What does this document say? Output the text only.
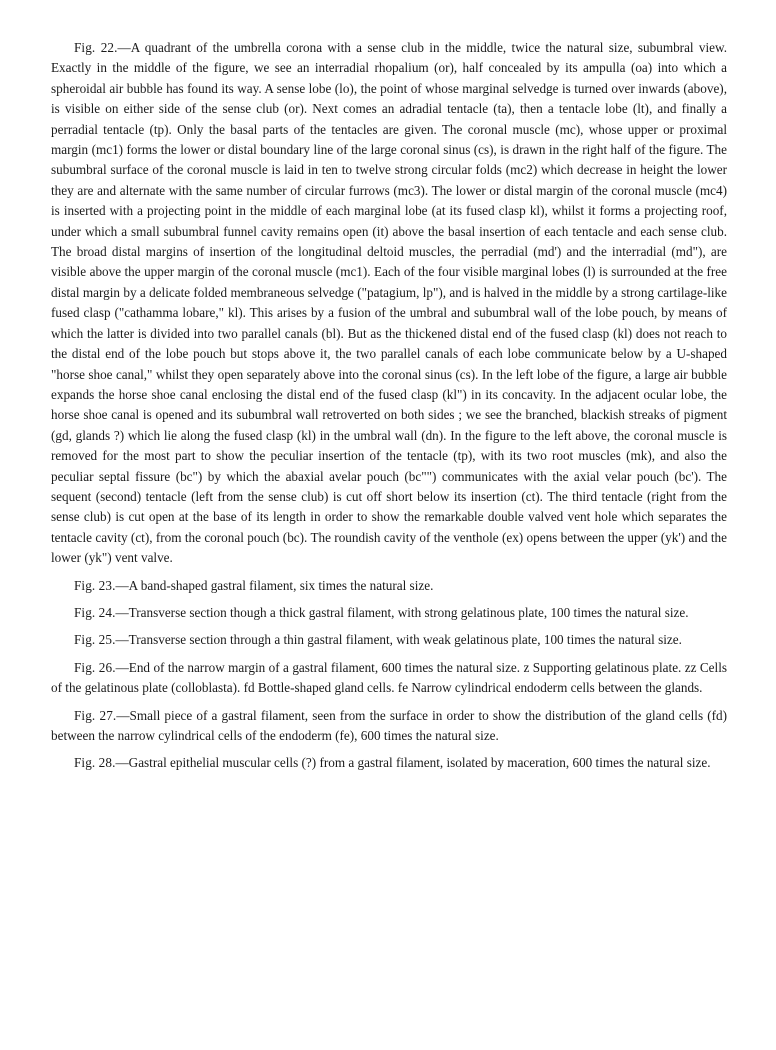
Fig. 22.—A quadrant of the umbrella corona with a sense club in the middle, twice the natural size, subumbral view. Exactly in the middle of the figure, we see an interradial rhopalium (or), half concealed by its ampulla (oa) into which a spheroidal air bubble has found its way. A sense lobe (lo), the point of whose marginal selvedge is turned over inwards (above), is visible on either side of the sense club (or). Next comes an adradial tentacle (ta), then a tentacle lobe (lt), and finally a perradial tentacle (tp). Only the basal parts of the tentacles are given. The coronal muscle (mc), whose upper or proximal margin (mc1) forms the lower or distal boundary line of the large coronal sinus (cs), is drawn in the right half of the figure. The subumbral surface of the coronal muscle is laid in ten to twelve strong circular folds (mc2) which decrease in height the lower they are and alternate with the same number of circular furrows (mc3). The lower or distal margin of the coronal muscle (mc4) is inserted with a projecting point in the middle of each marginal lobe (at its fused clasp kl), whilst it forms a projecting roof, under which a small subumbral funnel cavity remains open (it) above the basal insertion of each tentacle and each sense club. The broad distal margins of insertion of the longitudinal deltoid muscles, the perradial (md') and the interradial (md"), are visible above the upper margin of the coronal muscle (mc1). Each of the four visible marginal lobes (l) is surrounded at the free distal margin by a delicate folded membraneous selvedge ("patagium, lp"), and is halved in the middle by a strong cartilage-like fused clasp ("cathamma lobare," kl). This arises by a fusion of the umbral and subumbral wall of the lobe pouch, by means of which the latter is divided into two parallel canals (bl). But as the thickened distal end of the fused clasp (kl) does not reach to the distal end of the lobe pouch but stops above it, the two parallel canals of each lobe communicate below by a U-shaped "horse shoe canal," whilst they open separately above into the coronal sinus (cs). In the left lobe of the figure, a large air bubble expands the horse shoe canal enclosing the distal end of the fused clasp (kl") in its concavity. In the adjacent ocular lobe, the horse shoe canal is opened and its subumbral wall retroverted on both sides ; we see the branched, blackish streaks of pigment (gd, glands ?) which lie along the fused clasp (kl) in the umbral wall (dn). In the figure to the left above, the coronal muscle is removed for the most part to show the peculiar insertion of the tentacle (tp), with its two root muscles (mk), and also the peculiar septal fissure (bc") by which the abaxial avelar pouch (bc"") communicates with the axial velar pouch (bc'). The sequent (second) tentacle (left from the sense club) is cut off short below its insertion (ct). The third tentacle (right from the sense club) is cut open at the base of its length in order to show the remarkable double valved vent hole which separates the tentacle cavity (ct), from the coronal pouch (bc). The roundish cavity of the venthole (ex) opens between the upper (yk') and the lower (yk") vent valve.

Fig. 23.—A band-shaped gastral filament, six times the natural size.

Fig. 24.—Transverse section though a thick gastral filament, with strong gelatinous plate, 100 times the natural size.

Fig. 25.—Transverse section through a thin gastral filament, with weak gelatinous plate, 100 times the natural size.

Fig. 26.—End of the narrow margin of a gastral filament, 600 times the natural size. z Supporting gelatinous plate. zz Cells of the gelatinous plate (colloblasta). fd Bottle-shaped gland cells. fe Narrow cylindrical endoderm cells between the glands.

Fig. 27.—Small piece of a gastral filament, seen from the surface in order to show the distribution of the gland cells (fd) between the narrow cylindrical cells of the endoderm (fe), 600 times the natural size.

Fig. 28.—Gastral epithelial muscular cells (?) from a gastral filament, isolated by maceration, 600 times the natural size.
